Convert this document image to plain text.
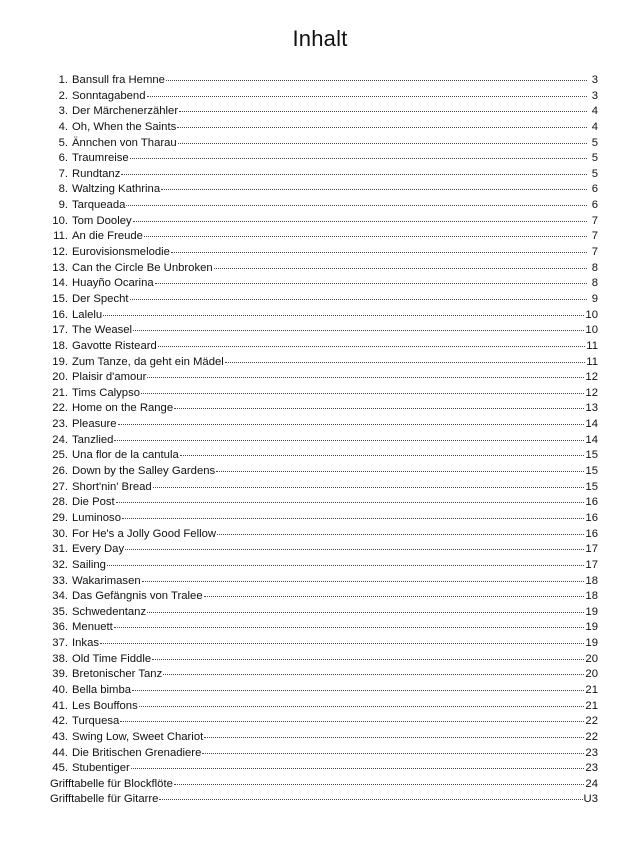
Inhalt
1. Bansull fra Hemne	3
2. Sonntagabend	3
3. Der Märchenerzähler	4
4. Oh, When the Saints	4
5. Ännchen von Tharau	5
6. Traumreise	5
7. Rundtanz	5
8. Waltzing Kathrina	6
9. Tarqueada	6
10. Tom Dooley	7
11. An die Freude	7
12. Eurovisionsmelodie	7
13. Can the Circle Be Unbroken	8
14. Huayño Ocarina	8
15. Der Specht	9
16. Lalelu	10
17. The Weasel	10
18. Gavotte Risteard	11
19. Zum Tanze, da geht ein Mädel	11
20. Plaisir d'amour	12
21. Tims Calypso	12
22. Home on the Range	13
23. Pleasure	14
24. Tanzlied	14
25. Una flor de la cantula	15
26. Down by the Salley Gardens	15
27. Short'nin' Bread	15
28. Die Post	16
29. Luminoso	16
30. For He's a Jolly Good Fellow	16
31. Every Day	17
32. Sailing	17
33. Wakarimasen	18
34. Das Gefängnis von Tralee	18
35. Schwedentanz	19
36. Menuett	19
37. Inkas	19
38. Old Time Fiddle	20
39. Bretonischer Tanz	20
40. Bella bimba	21
41. Les Bouffons	21
42. Turquesa	22
43. Swing Low, Sweet Chariot	22
44. Die Britischen Grenadiere	23
45. Stubentiger	23
Grifftabelle für Blockflöte	24
Grifftabelle für Gitarre	U3
